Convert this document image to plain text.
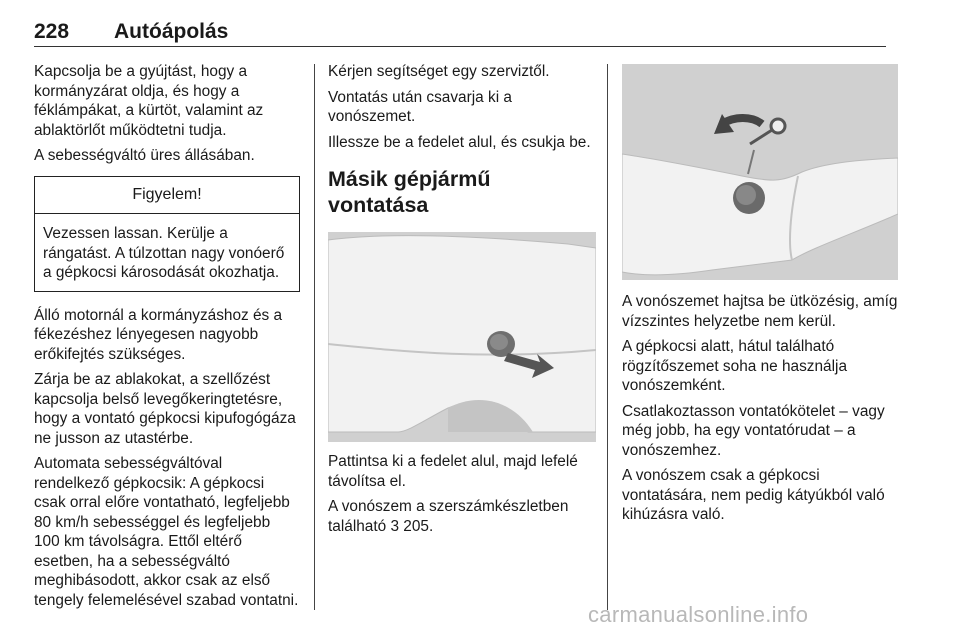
228 Autóápolás

Kapcsolja be a gyújtást, hogy a kormányzárat oldja, és hogy a féklámpákat, a kürtöt, valamint az ablaktörlőt működtetni tudja.

A sebességváltó üres állásában.

Figyelem!
Vezessen lassan. Kerülje a rángatást. A túlzottan nagy vonóerő a gépkocsi károsodását okozhatja.

Álló motornál a kormányzáshoz és a fékezéshez lényegesen nagyobb erőkifejtés szükséges.

Zárja be az ablakokat, a szellőzést kapcsolja belső levegőkeringtetésre, hogy a vontató gépkocsi kipufogógáza ne jusson az utastérbe.

Automata sebességváltóval rendelkező gépkocsik: A gépkocsi csak orral előre vontatható, legfeljebb 80 km/h sebességgel és legfeljebb 100 km távolságra. Ettől eltérő esetben, ha a sebességváltó meghibásodott, akkor csak az első tengely felemelésével szabad vontatni.

Kérjen segítséget egy szerviztől.

Vontatás után csavarja ki a vonószemet.

Illessze be a fedelet alul, és csukja be.

Másik gépjármű vontatása

Pattintsa ki a fedelet alul, majd lefelé távolítsa el.

A vonószem a szerszámkészletben található 3 205.

A vonószemet hajtsa be ütközésig, amíg vízszintes helyzetbe nem kerül.

A gépkocsi alatt, hátul található rögzítőszemet soha ne használja vonószemként.

Csatlakoztasson vontatókötelet – vagy még jobb, ha egy vontatórudat – a vonószemhez.

A vonószem csak a gépkocsi vontatására, nem pedig kátyúkból való kihúzásra való.

carmanualsonline.info
